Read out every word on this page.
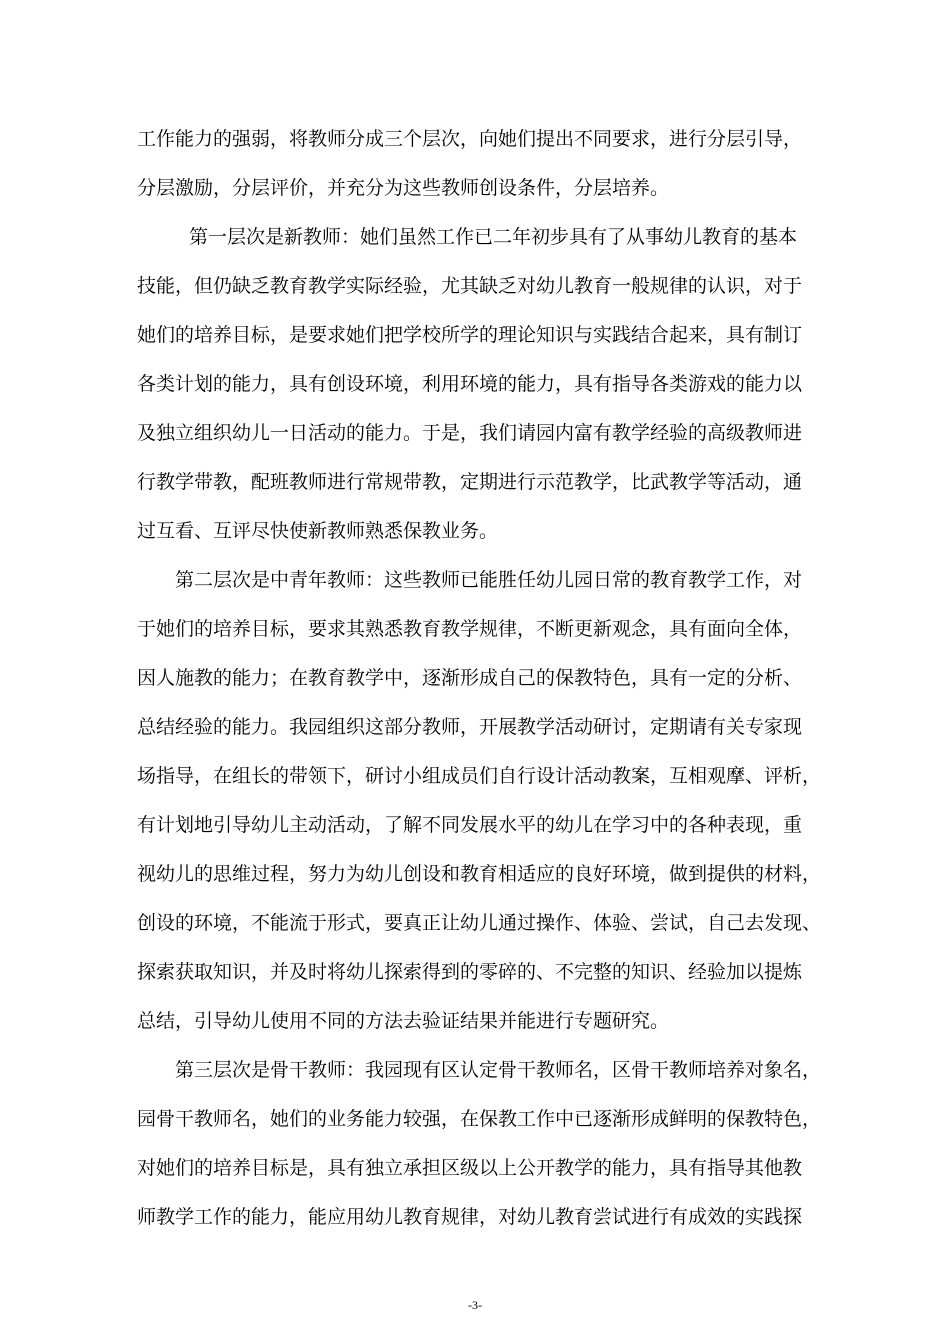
工作能力的强弱，将教师分成三个层次，向她们提出不同要求，进行分层引导，
分层激励，分层评价，并充分为这些教师创设条件，分层培养。
第一层次是新教师：她们虽然工作已二年初步具有了从事幼儿教育的基本
技能，但仍缺乏教育教学实际经验，尤其缺乏对幼儿教育一般规律的认识，对于
她们的培养目标，是要求她们把学校所学的理论知识与实践结合起来，具有制订
各类计划的能力，具有创设环境，利用环境的能力，具有指导各类游戏的能力以
及独立组织幼儿一日活动的能力。于是，我们请园内富有教学经验的高级教师进
行教学带教，配班教师进行常规带教，定期进行示范教学，比武教学等活动，通
过互看、互评尽快使新教师熟悉保教业务。
第二层次是中青年教师：这些教师已能胜任幼儿园日常的教育教学工作，对
于她们的培养目标，要求其熟悉教育教学规律，不断更新观念，具有面向全体，
因人施教的能力；在教育教学中，逐渐形成自己的保教特色，具有一定的分析、
总结经验的能力。我园组织这部分教师，开展教学活动研讨，定期请有关专家现
场指导，在组长的带领下，研讨小组成员们自行设计活动教案，互相观摩、评析，
有计划地引导幼儿主动活动，了解不同发展水平的幼儿在学习中的各种表现，重
视幼儿的思维过程，努力为幼儿创设和教育相适应的良好环境，做到提供的材料，
创设的环境，不能流于形式，要真正让幼儿通过操作、体验、尝试，自己去发现、
探索获取知识，并及时将幼儿探索得到的零碎的、不完整的知识、经验加以提炼
总结，引导幼儿使用不同的方法去验证结果并能进行专题研究。
第三层次是骨干教师：我园现有区认定骨干教师名，区骨干教师培养对象名，
园骨干教师名，她们的业务能力较强，在保教工作中已逐渐形成鲜明的保教特色，
对她们的培养目标是，具有独立承担区级以上公开教学的能力，具有指导其他教
师教学工作的能力，能应用幼儿教育规律，对幼儿教育尝试进行有成效的实践探
-3-
